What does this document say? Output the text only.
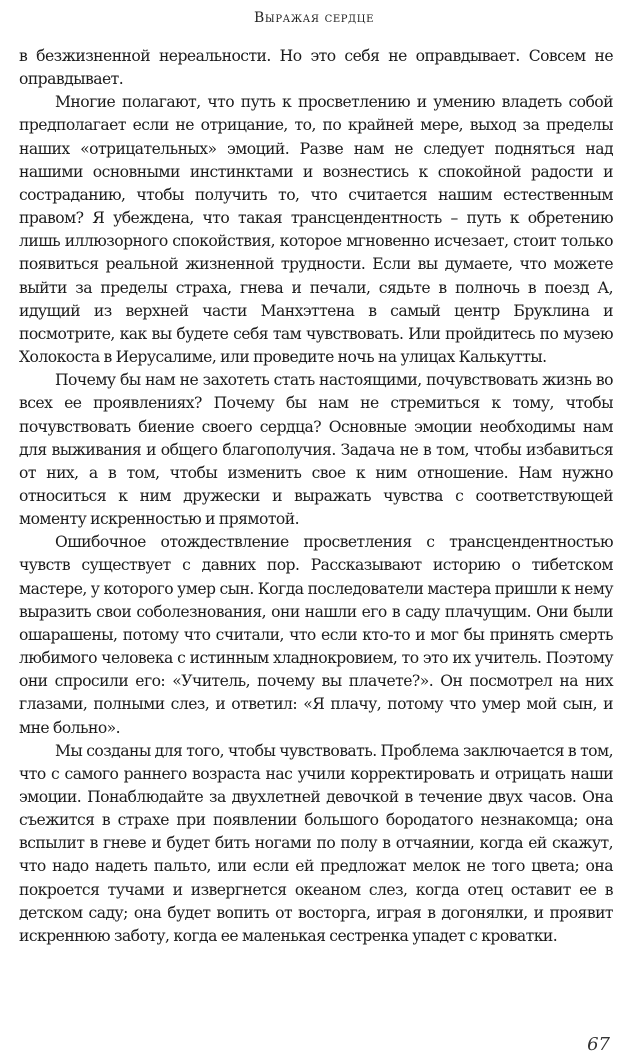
Выражая сердце

в безжизненной нереальности. Но это себя не оправдывает. Совсем не оправдывает.

Многие полагают, что путь к просветлению и умению владеть собой предполагает если не отрицание, то, по крайней мере, выход за пределы наших «отрицательных» эмоций. Разве нам не следует подняться над нашими основными инстинктами и вознестись к спокойной радости и состраданию, чтобы получить то, что считается нашим естественным правом? Я убеждена, что такая трансцендентность – путь к обретению лишь иллюзорного спокойствия, которое мгновенно исчезает, стоит только появиться реальной жизненной трудности. Если вы думаете, что можете выйти за пределы страха, гнева и печали, сядьте в полночь в поезд А, идущий из верхней части Манхэттена в самый центр Бруклина и посмотрите, как вы будете себя там чувствовать. Или пройдитесь по музею Холокоста в Иерусалиме, или проведите ночь на улицах Калькутты.

Почему бы нам не захотеть стать настоящими, почувствовать жизнь во всех ее проявлениях? Почему бы нам не стремиться к тому, чтобы почувствовать биение своего сердца? Основные эмоции необходимы нам для выживания и общего благополучия. Задача не в том, чтобы избавиться от них, а в том, чтобы изменить свое к ним отношение. Нам нужно относиться к ним дружески и выражать чувства с соответствующей моменту искренностью и прямотой.

Ошибочное отождествление просветления с трансцендентностью чувств существует с давних пор. Рассказывают историю о тибетском мастере, у которого умер сын. Когда последователи мастера пришли к нему выразить свои соболезнования, они нашли его в саду плачущим. Они были ошарашены, потому что считали, что если кто-то и мог бы принять смерть любимого человека с истинным хладнокровием, то это их учитель. Поэтому они спросили его: «Учитель, почему вы плачете?». Он посмотрел на них глазами, полными слез, и ответил: «Я плачу, потому что умер мой сын, и мне больно».

Мы созданы для того, чтобы чувствовать. Проблема заключается в том, что с самого раннего возраста нас учили корректировать и отрицать наши эмоции. Понаблюдайте за двухлетней девочкой в течение двух часов. Она съежится в страхе при появлении большого бородатого незнакомца; она вспылит в гневе и будет бить ногами по полу в отчаянии, когда ей скажут, что надо надеть пальто, или если ей предложат мелок не того цвета; она покроется тучами и извергнется океаном слез, когда отец оставит ее в детском саду; она будет вопить от восторга, играя в догонялки, и проявит искреннюю заботу, когда ее маленькая сестренка упадет с кроватки.

67
